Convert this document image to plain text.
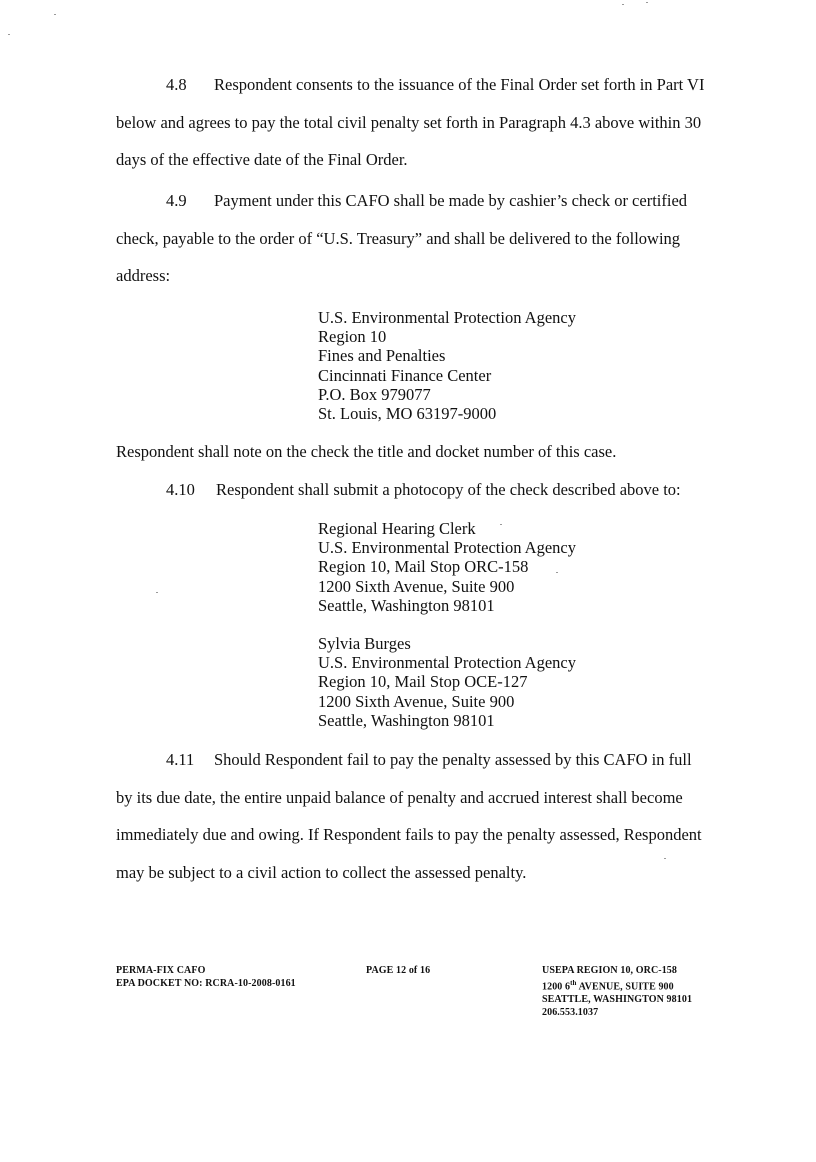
4.8 Respondent consents to the issuance of the Final Order set forth in Part VI
below and agrees to pay the total civil penalty set forth in Paragraph 4.3 above within 30
days of the effective date of the Final Order.

4.9 Payment under this CAFO shall be made by cashier’s check or certified
check, payable to the order of “U.S. Treasury” and shall be delivered to the following
address:

U.S. Environmental Protection Agency
Region 10
Fines and Penalties
Cincinnati Finance Center
P.O. Box 979077
St. Louis, MO 63197-9000

Respondent shall note on the check the title and docket number of this case.

4.10 Respondent shall submit a photocopy of the check described above to:

Regional Hearing Clerk
U.S. Environmental Protection Agency
Region 10, Mail Stop ORC-158
1200 Sixth Avenue, Suite 900
Seattle, Washington 98101
Sylvia Burges
U.S. Environmental Protection Agency
Region 10, Mail Stop OCE-127
1200 Sixth Avenue, Suite 900
Seattle, Washington 98101

4.11 Should Respondent fail to pay the penalty assessed by this CAFO in full
by its due date, the entire unpaid balance of penalty and accrued interest shall become
immediately due and owing. If Respondent fails to pay the penalty assessed, Respondent
may be subject to a civil action to collect the assessed penalty.

PERMA-FIX CAFO
EPA DOCKET NO: RCRA-10-2008-0161
PAGE 12 of 16	USEPA REGION 10, ORC-158
1200 6th AVENUE, SUITE 900
SEATTLE, WASHINGTON 98101
206.553.1037
